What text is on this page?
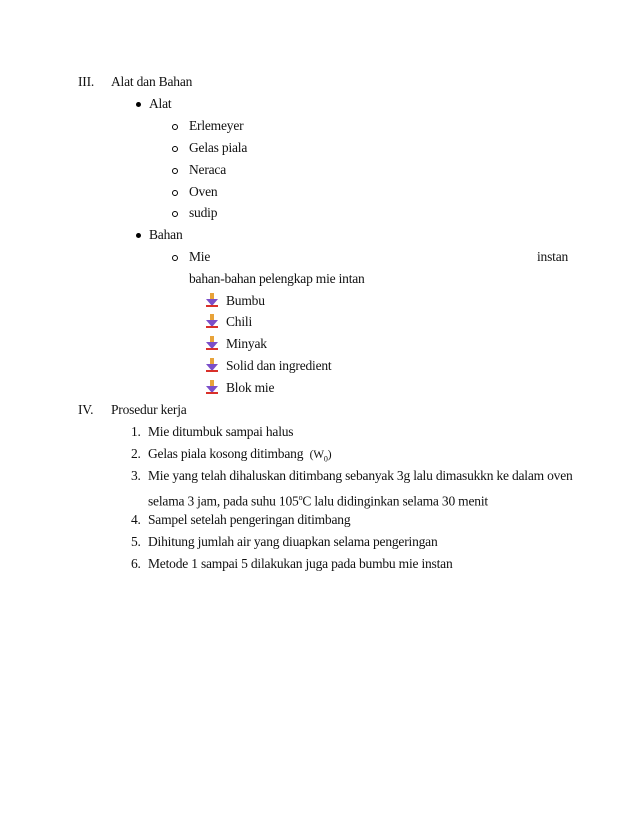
III. Alat dan Bahan
Alat
Erlemeyer
Gelas piala
Neraca
Oven
sudip
Bahan
Mie	instan
bahan-bahan pelengkap mie intan
Bumbu
Chili
Minyak
Solid dan ingredient
Blok mie
IV. Prosedur kerja
1. Mie ditumbuk sampai halus
2. Gelas piala kosong ditimbang $(W_0)$
3. Mie yang telah dihaluskan ditimbang sebanyak 3g lalu dimasukkn ke dalam oven
selama 3 jam, pada suhu 105$^o$C lalu didinginkan selama 30 menit
4. Sampel setelah pengeringan ditimbang
5. Dihitung jumlah air yang diuapkan selama pengeringan
6. Metode 1 sampai 5 dilakukan juga pada bumbu mie instan
